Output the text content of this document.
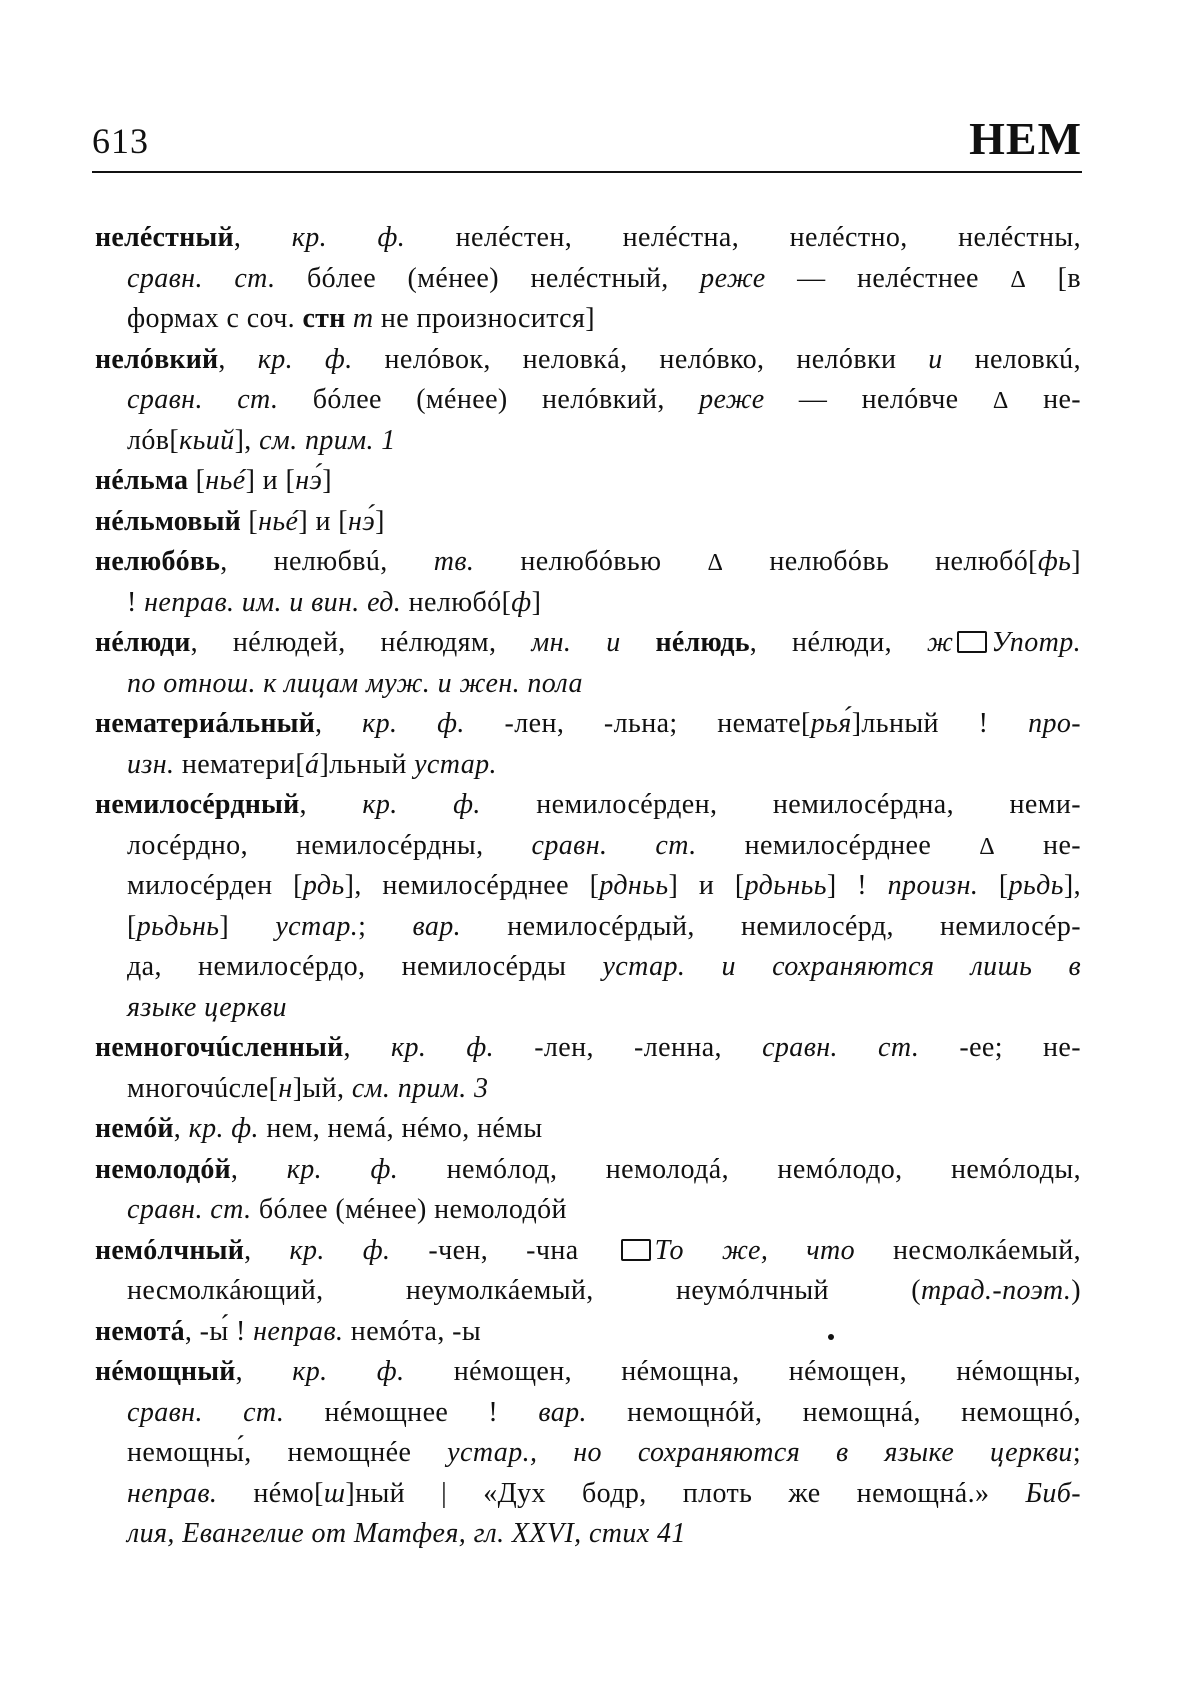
613	НЕМ
нелéстный, кр. ф. нелéстен, нелéстна, нелéстно, нелéстны,
сравн. ст. бóлее (мéнее) нелéстный, реже — нелéстнее Δ [в
формах с соч. стн т не произносится]
нелóвкий, кр. ф. нелóвок, неловкá, нелóвко, нелóвки и неловкú,
сравн. ст. бóлее (мéнее) нелóвкий, реже — нелóвче Δ не-
лóв[кьий], см. прим. 1
нéльма [ньé] и [нэ́]
нéльмовый [ньé] и [нэ́]
нелюбóвь, нелюбвú, тв. нелюбóвью Δ нелюбóвь нелюбó[фь]
! неправ. им. и вин. ед. нелюбó[ф]
нéлюди, нéлюдей, нéлюдям, мн. и нéлюдь, нéлюди, ж Употр.
по отнош. к лицам муж. и жен. пола
нематериáльный, кр. ф. -лен, -льна; немате[рья́]льный ! про-
изн. нематери[á]льный устар.
немилосéрдный, кр. ф. немилосéрден, немилосéрдна, неми-
лосéрдно, немилосéрдны, сравн. ст. немилосéрднее Δ не-
милосéрден [рдь], немилосéрднее [рдньь] и [рдьньь] ! произн. [рьдь],
[рьдьнь] устар.; вар. немилосéрдый, немилосéрд, немилосéр-
да, немилосéрдо, немилосéрды устар. и сохраняются лишь в
языке церкви
немногочúсленный, кр. ф. -лен, -ленна, сравн. ст. -ее; не-
многочúсле[н]ый, см. прим. 3
немóй, кр. ф. нем, немá, нéмо, нéмы
немолодóй, кр. ф. немóлод, немолодá, немóлодо, немóлоды,
сравн. ст. бóлее (мéнее) немолодóй
немóлчный, кр. ф. -чен, -чна То же, что несмолкáемый,
несмолкáющий, неумолкáемый, неумóлчный (трад.-поэт.)
немотá, -ы́ ! неправ. немóта, -ы
нéмощный, кр. ф. нéмощен, нéмощна, нéмощен, нéмощны,
сравн. ст. нéмощнее ! вар. немощнóй, немощнá, немощнó,
немощны́, немощнée устар., но сохраняются в языке церкви;
неправ. нéмо[ш]ный | «Дух бодр, плоть же немощнá.» Биб-
лия, Евангелие от Матфея, гл. XXVI, стих 41
